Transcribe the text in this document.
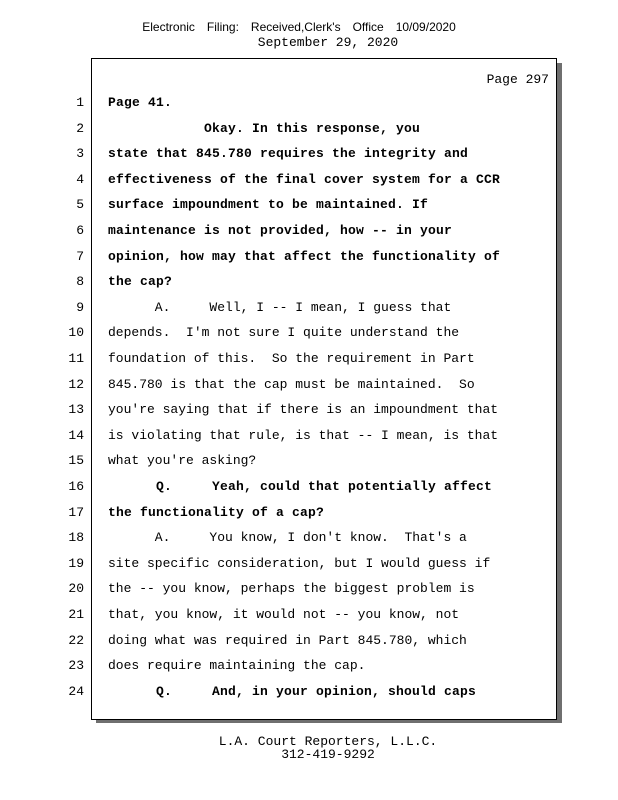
Electronic Filing: Received,Clerk's Office 10/09/2020
September 29, 2020
Page 297
1 Page 41.
2 Okay. In this response, you
3 state that 845.780 requires the integrity and
4 effectiveness of the final cover system for a CCR
5 surface impoundment to be maintained. If
6 maintenance is not provided, how -- in your
7 opinion, how may that affect the functionality of
8 the cap?
9 A.     Well, I -- I mean, I guess that
10 depends.  I'm not sure I quite understand the
11 foundation of this.  So the requirement in Part
12 845.780 is that the cap must be maintained.  So
13 you're saying that if there is an impoundment that
14 is violating that rule, is that -- I mean, is that
15 what you're asking?
16 Q.     Yeah, could that potentially affect
17 the functionality of a cap?
18 A.     You know, I don't know.  That's a
19 site specific consideration, but I would guess if
20 the -- you know, perhaps the biggest problem is
21 that, you know, it would not -- you know, not
22 doing what was required in Part 845.780, which
23 does require maintaining the cap.
24 Q.     And, in your opinion, should caps
L.A. Court Reporters, L.L.C.
312-419-9292
